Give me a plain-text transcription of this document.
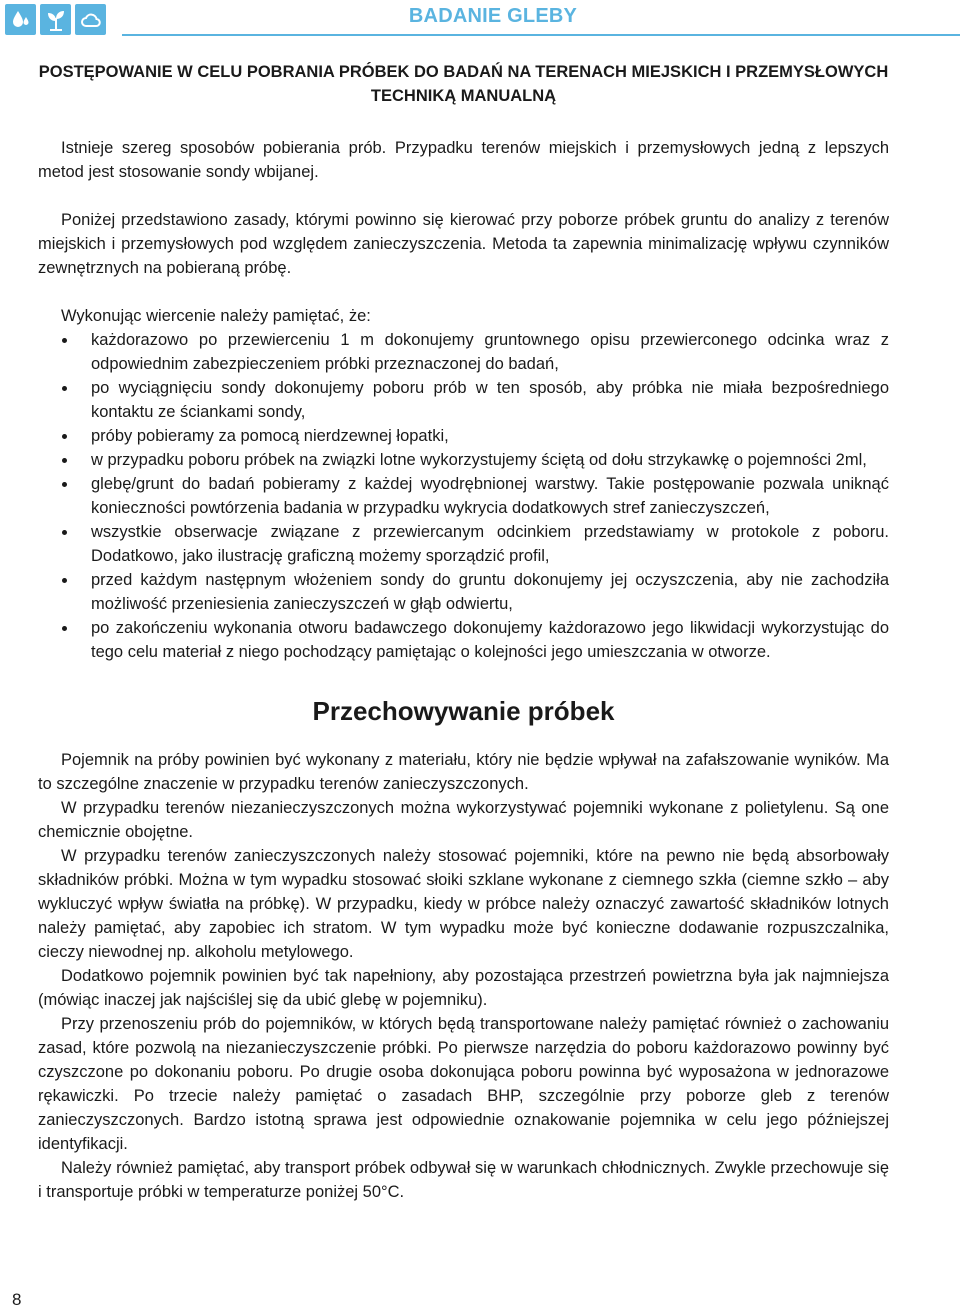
BADANIE GLEBY
POSTĘPOWANIE W CELU POBRANIA PRÓBEK DO BADAŃ NA TERENACH MIEJSKICH I PRZEMYSŁOWYCH TECHNIKĄ MANUALNĄ

Istnieje szereg sposobów pobierania prób. Przypadku terenów miejskich i przemysłowych jedną z lepszych metod jest stosowanie sondy wbijanej.

Poniżej przedstawiono zasady, którymi powinno się kierować przy poborze próbek gruntu do analizy z terenów miejskich i przemysłowych pod względem zanieczyszczenia. Metoda ta zapewnia minimalizację wpływu czynników zewnętrznych na pobieraną próbę.

Wykonując wiercenie należy pamiętać, że:

każdorazowo po przewierceniu 1 m dokonujemy gruntownego opisu przewierconego odcinka wraz z odpowiednim zabezpieczeniem próbki przeznaczonej do badań,
po wyciągnięciu sondy dokonujemy poboru prób w ten sposób, aby próbka nie miała bezpośredniego kontaktu ze ściankami sondy,
próby pobieramy za pomocą nierdzewnej łopatki,
w przypadku poboru próbek na związki lotne wykorzystujemy ściętą od dołu strzykawkę o pojemności 2ml,
glebę/grunt do badań pobieramy z każdej wyodrębnionej warstwy. Takie postępowanie pozwala uniknąć konieczności powtórzenia badania w przypadku wykrycia dodatkowych stref zanieczyszczeń,
wszystkie obserwacje związane z przewiercanym odcinkiem przedstawiamy w protokole z poboru. Dodatkowo, jako ilustrację graficzną możemy sporządzić profil,
przed każdym następnym włożeniem sondy do gruntu dokonujemy jej oczyszczenia, aby nie zachodziła możliwość przeniesienia zanieczyszczeń w głąb odwiertu,
po zakończeniu wykonania otworu badawczego dokonujemy każdorazowo jego likwidacji wykorzystując do tego celu materiał z niego pochodzący pamiętając o kolejności jego umieszczania w otworze.
Przechowywanie próbek

Pojemnik na próby powinien być wykonany z materiału, który nie będzie wpływał na zafałszowanie wyników. Ma to szczególne znaczenie w przypadku terenów zanieczyszczonych.

W przypadku terenów niezanieczyszczonych można wykorzystywać pojemniki wykonane z polietylenu. Są one chemicznie obojętne.

W przypadku terenów zanieczyszczonych należy stosować pojemniki, które na pewno nie będą absorbowały składników próbki. Można w tym wypadku stosować słoiki szklane wykonane z ciemnego szkła (ciemne szkło – aby wykluczyć wpływ światła na próbkę). W przypadku, kiedy w próbce należy oznaczyć zawartość składników lotnych należy pamiętać, aby zapobiec ich stratom. W tym wypadku może być konieczne dodawanie rozpuszczalnika, cieczy niewodnej np. alkoholu metylowego.

Dodatkowo pojemnik powinien być tak napełniony, aby pozostająca przestrzeń powietrzna była jak najmniejsza (mówiąc inaczej jak najściślej się da ubić glebę w pojemniku).

Przy przenoszeniu prób do pojemników, w których będą transportowane należy pamiętać również o zachowaniu zasad, które pozwolą na niezanieczyszczenie próbki. Po pierwsze narzędzia do poboru każdorazowo powinny być czyszczone po dokonaniu poboru. Po drugie osoba dokonująca poboru powinna być wyposażona w jednorazowe rękawiczki. Po trzecie należy pamiętać o zasadach BHP, szczególnie przy poborze gleb z terenów zanieczyszczonych. Bardzo istotną sprawa jest odpowiednie oznakowanie pojemnika w celu jego późniejszej identyfikacji.

Należy również pamiętać, aby transport próbek odbywał się w warunkach chłodnicznych. Zwykle przechowuje się i transportuje próbki w temperaturze poniżej 50°C.

8
